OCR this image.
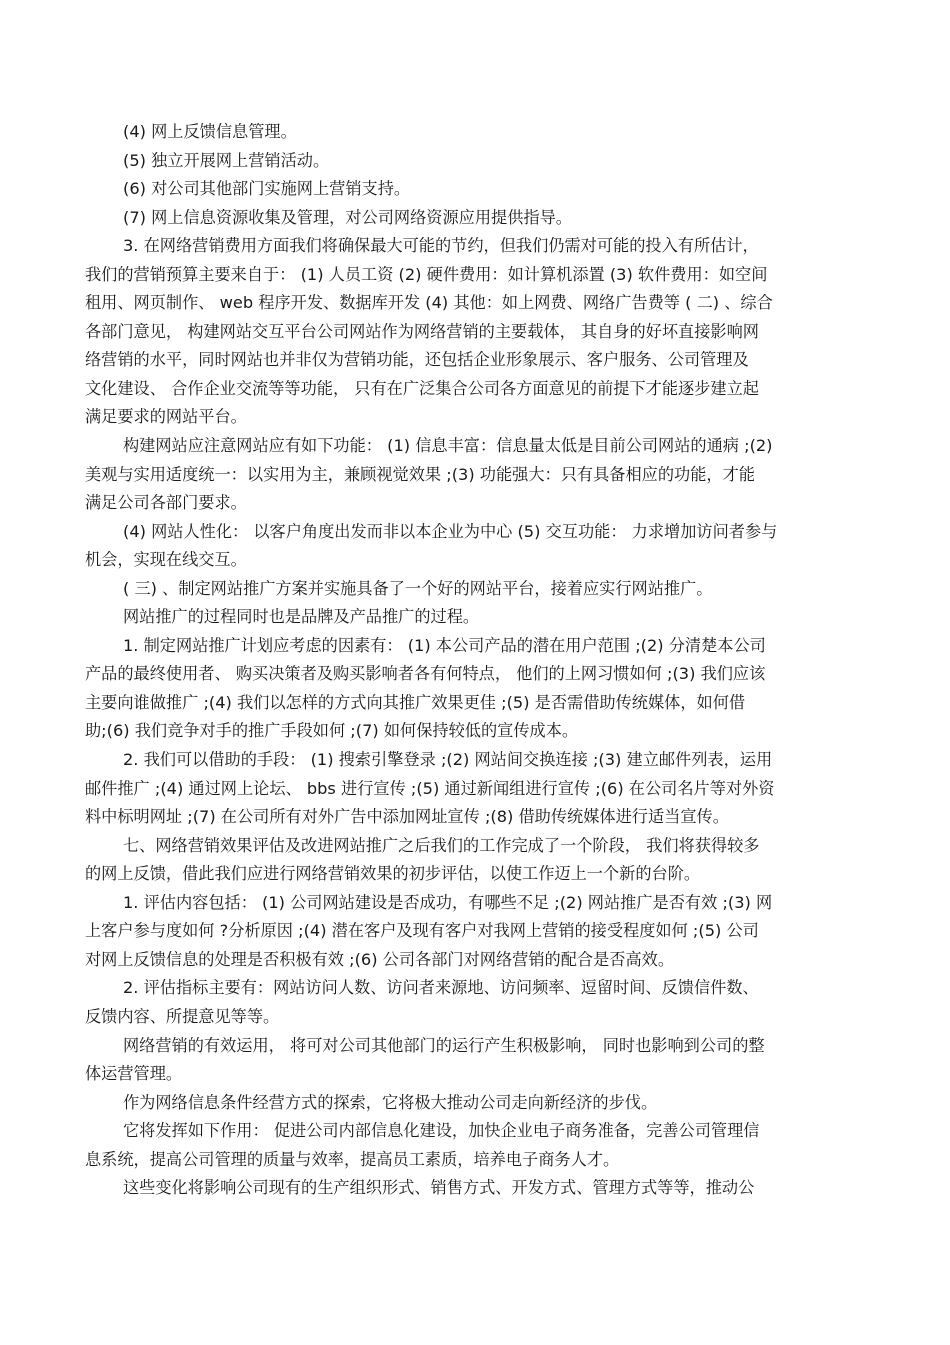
(4) 网上反馈信息管理。
(5) 独立开展网上营销活动。
(6) 对公司其他部门实施网上营销支持。
(7) 网上信息资源收集及管理，对公司网络资源应用提供指导。
3. 在网络营销费用方面我们将确保最大可能的节约，但我们仍需对可能的投入有所估计，
我们的营销预算主要来自于： (1) 人员工资 (2) 硬件费用：如计算机添置 (3) 软件费用：如空间
租用、网页制作、 web 程序开发、数据库开发 (4) 其他：如上网费、网络广告费等 ( 二) 、综合
各部门意见， 构建网站交互平台公司网站作为网络营销的主要载体， 其自身的好坏直接影响网
络营销的水平，同时网站也并非仅为营销功能，还包括企业形象展示、客户服务、公司管理及
文化建设、 合作企业交流等等功能， 只有在广泛集合公司各方面意见的前提下才能逐步建立起
满足要求的网站平台。
构建网站应注意网站应有如下功能： (1) 信息丰富：信息量太低是目前公司网站的通病 ;(2)
美观与实用适度统一：以实用为主，兼顾视觉效果 ;(3) 功能强大：只有具备相应的功能，才能
满足公司各部门要求。
(4) 网站人性化： 以客户角度出发而非以本企业为中心 (5) 交互功能： 力求增加访问者参与
机会，实现在线交互。
( 三) 、制定网站推广方案并实施具备了一个好的网站平台，接着应实行网站推广。
网站推广的过程同时也是品牌及产品推广的过程。
1. 制定网站推广计划应考虑的因素有： (1) 本公司产品的潜在用户范围 ;(2) 分清楚本公司
产品的最终使用者、 购买决策者及购买影响者各有何特点， 他们的上网习惯如何 ;(3) 我们应该
主要向谁做推广 ;(4) 我们以怎样的方式向其推广效果更佳 ;(5) 是否需借助传统媒体，如何借
助;(6) 我们竞争对手的推广手段如何 ;(7) 如何保持较低的宣传成本。
2. 我们可以借助的手段： (1) 搜索引擎登录 ;(2) 网站间交换连接 ;(3) 建立邮件列表，运用
邮件推广 ;(4) 通过网上论坛、 bbs 进行宣传 ;(5) 通过新闻组进行宣传 ;(6) 在公司名片等对外资
料中标明网址 ;(7) 在公司所有对外广告中添加网址宣传 ;(8) 借助传统媒体进行适当宣传。
七、网络营销效果评估及改进网站推广之后我们的工作完成了一个阶段， 我们将获得较多
的网上反馈，借此我们应进行网络营销效果的初步评估，以使工作迈上一个新的台阶。
1. 评估内容包括： (1) 公司网站建设是否成功，有哪些不足 ;(2) 网站推广是否有效 ;(3) 网
上客户参与度如何 ?分析原因 ;(4) 潜在客户及现有客户对我网上营销的接受程度如何 ;(5) 公司
对网上反馈信息的处理是否积极有效 ;(6) 公司各部门对网络营销的配合是否高效。
2. 评估指标主要有：网站访问人数、访问者来源地、访问频率、逗留时间、反馈信件数、
反馈内容、所提意见等等。
网络营销的有效运用， 将可对公司其他部门的运行产生积极影响， 同时也影响到公司的整
体运营管理。
作为网络信息条件经营方式的探索，它将极大推动公司走向新经济的步伐。
它将发挥如下作用： 促进公司内部信息化建设，加快企业电子商务准备，完善公司管理信
息系统，提高公司管理的质量与效率，提高员工素质，培养电子商务人才。
这些变化将影响公司现有的生产组织形式、销售方式、开发方式、管理方式等等，推动公
